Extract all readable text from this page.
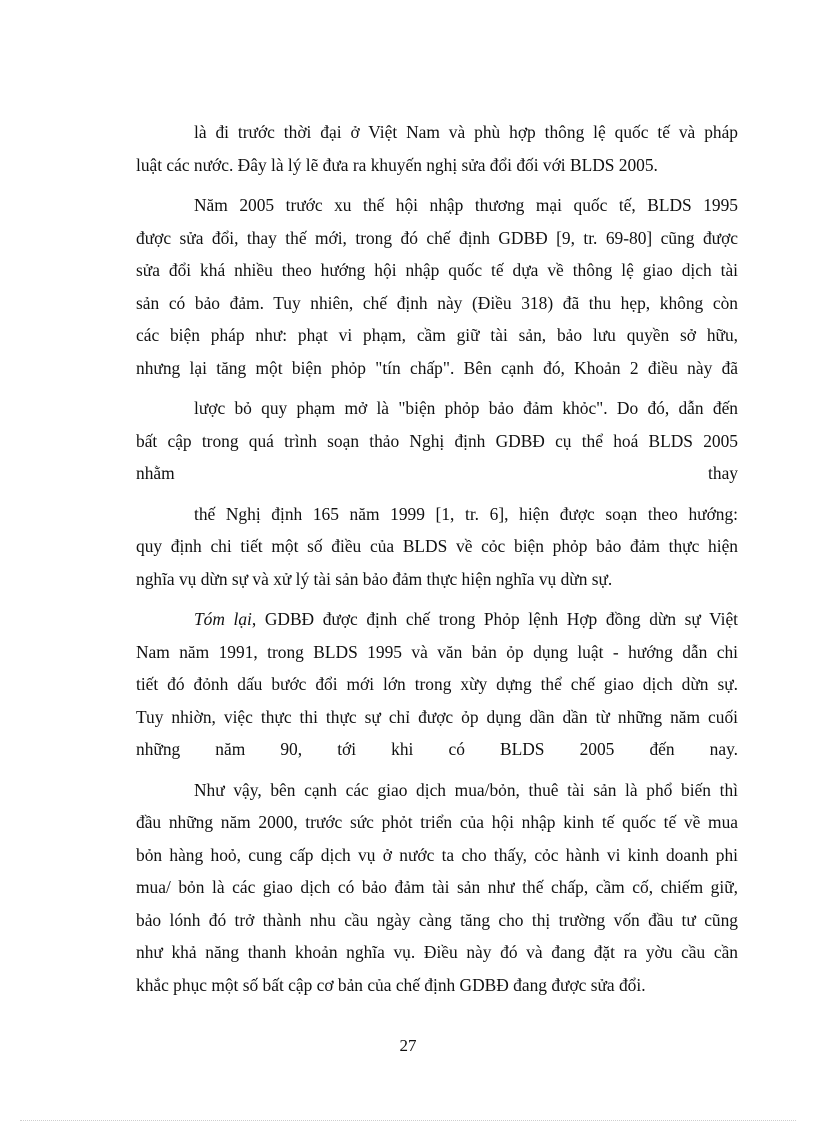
là đi trước thời đại ở Việt Nam và phù hợp thông lệ quốc tế và pháp
luật các nước. Đây là lý lẽ đưa ra khuyến nghị sửa đổi đối với BLDS 2005.
Năm 2005 trước xu thế hội nhập thương mại quốc tế, BLDS 1995
được sửa đổi, thay thế mới, trong đó chế định GDBĐ [9, tr. 69-80] cũng được
sửa đổi khá nhiều theo hướng hội nhập quốc tế dựa về thông lệ giao dịch tài
sản có bảo đảm. Tuy nhiên, chế định này (Điều 318) đã thu hẹp, không còn
các biện pháp như: phạt vi phạm, cầm giữ tài sản, bảo lưu quyền sở hữu,
nhưng lại tăng một biện phỏp "tín chấp". Bên cạnh đó, Khoản 2 điều này đã
lược bỏ quy phạm mở là "biện phỏp bảo đảm khỏc". Do đó, dẫn đến
bất cập trong quá trình soạn thảo Nghị định GDBĐ cụ thể hoá BLDS 2005
nhằm	thay
thế Nghị định 165 năm 1999 [1, tr. 6], hiện được soạn theo hướng:
quy định chi tiết một số điều của BLDS về cỏc biện phỏp bảo đảm thực hiện
nghĩa vụ dừn sự và xử lý tài sản bảo đảm thực hiện nghĩa vụ dừn sự.
Tóm lại, GDBĐ được định chế trong Phỏp lệnh Hợp đồng dừn sự Việt
Nam năm 1991, trong BLDS 1995 và văn bản ỏp dụng luật - hướng dẫn chi
tiết đó đỏnh dấu bước đổi mới lớn trong xừy dựng thể chế giao dịch dừn sự.
Tuy nhiờn, việc thực thi thực sự chỉ được ỏp dụng dần dần từ những năm cuối
những năm 90, tới khi có BLDS 2005 đến nay.
Như vậy, bên cạnh các giao dịch mua/bỏn, thuê tài sản là phổ biến thì
đầu những năm 2000, trước sức phỏt triển của hội nhập kinh tế quốc tế về mua
bỏn hàng hoỏ, cung cấp dịch vụ ở nước ta cho thấy, cỏc hành vi kinh doanh phi
mua/ bỏn là các giao dịch có bảo đảm tài sản như thế chấp, cầm cố, chiếm giữ,
bảo lónh đó trở thành nhu cầu ngày càng tăng cho thị trường vốn đầu tư cũng
như khả năng thanh khoản nghĩa vụ. Điều này đó và đang đặt ra yờu cầu cần
khắc phục một số bất cập cơ bản của chế định GDBĐ đang được sửa đổi.
27
